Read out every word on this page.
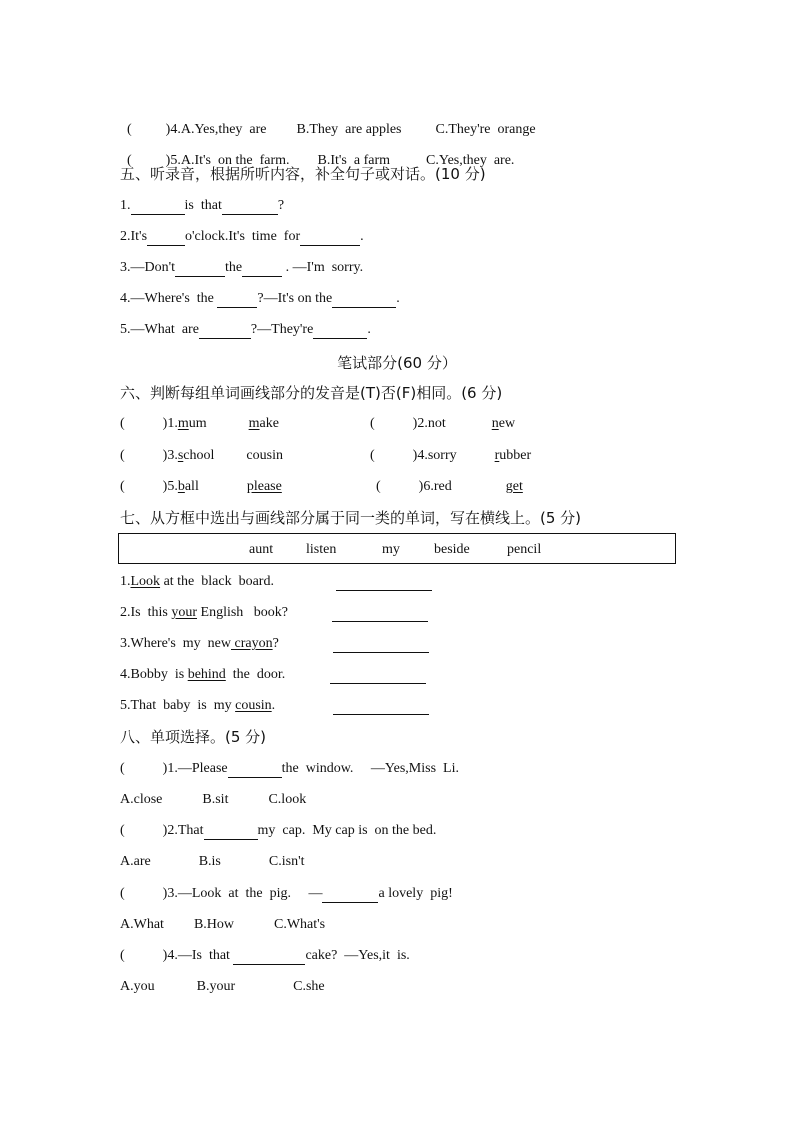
( )4.A.Yes,they  are B.They  are apples C.They're  orange

( )5.A.It's  on the  farm. B.It's  a farm	C.Yes,they  are.

五、听录音，根据所听内容，补全句子或对话。(10 分)
1.	is  that	?
2.It's	o'clock.It's  time  for	.
3.—Don't	the	. —I'm  sorry.
4.—Where's  the	?—It's on the	.
5.—What  are	?—They're	.
笔试部分(60 分）
六、判断每组单词画线部分的发音是(T)否(F)相同。(6 分)
(	)1.mum	make	(	)2.not	new
(	)3.school cousin	(	)4.sorry	rubber
(	)5.ball	please	(	)6.red	get
七、从方框中选出与画线部分属于同一类的单词，写在横线上。(5 分)
aunt listen	my beside	pencil
1.Look at the  black  board.
2.Is  this your English   book?
3.Where's  my  new crayon?
4.Bobby  is behind  the  door.
5.That  baby  is  my cousin.
八、单项选择。(5 分)
(	)1.—Please	the  window.     —Yes,Miss  Li.
A.close	B.sit	C.look
(	)2.That	my  cap.  My cap is  on the bed.
A.are	B.is	C.isn't
(	)3.—Look  at  the  pig.     —	a lovely  pig!
A.What B.How	C.What's
(	)4.—Is  that	cake?  —Yes,it  is.
A.you	B.your	C.she
